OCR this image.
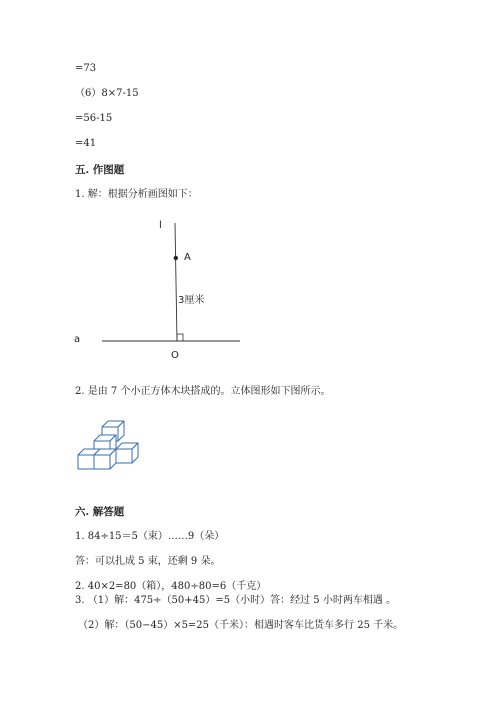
=73
（6）8×7-15
=56-15
=41
五. 作图题
1. 解：根据分析画图如下：
l
A
3厘米
a
O
2. 是由 7 个小正方体木块搭成的。立体图形如下图所示。
六. 解答题
1. 84÷15＝5（束）……9（朵）
答：可以扎成 5 束，还剩 9 朵。
2. 40×2=80（箱），480÷80=6（千克）
3. （1）解：475÷（50+45）=5（小时）答：经过 5 小时两车相遇 。
（2）解：（50−45）×5=25（千米）：相遇时客车比货车多行 25 千米。
